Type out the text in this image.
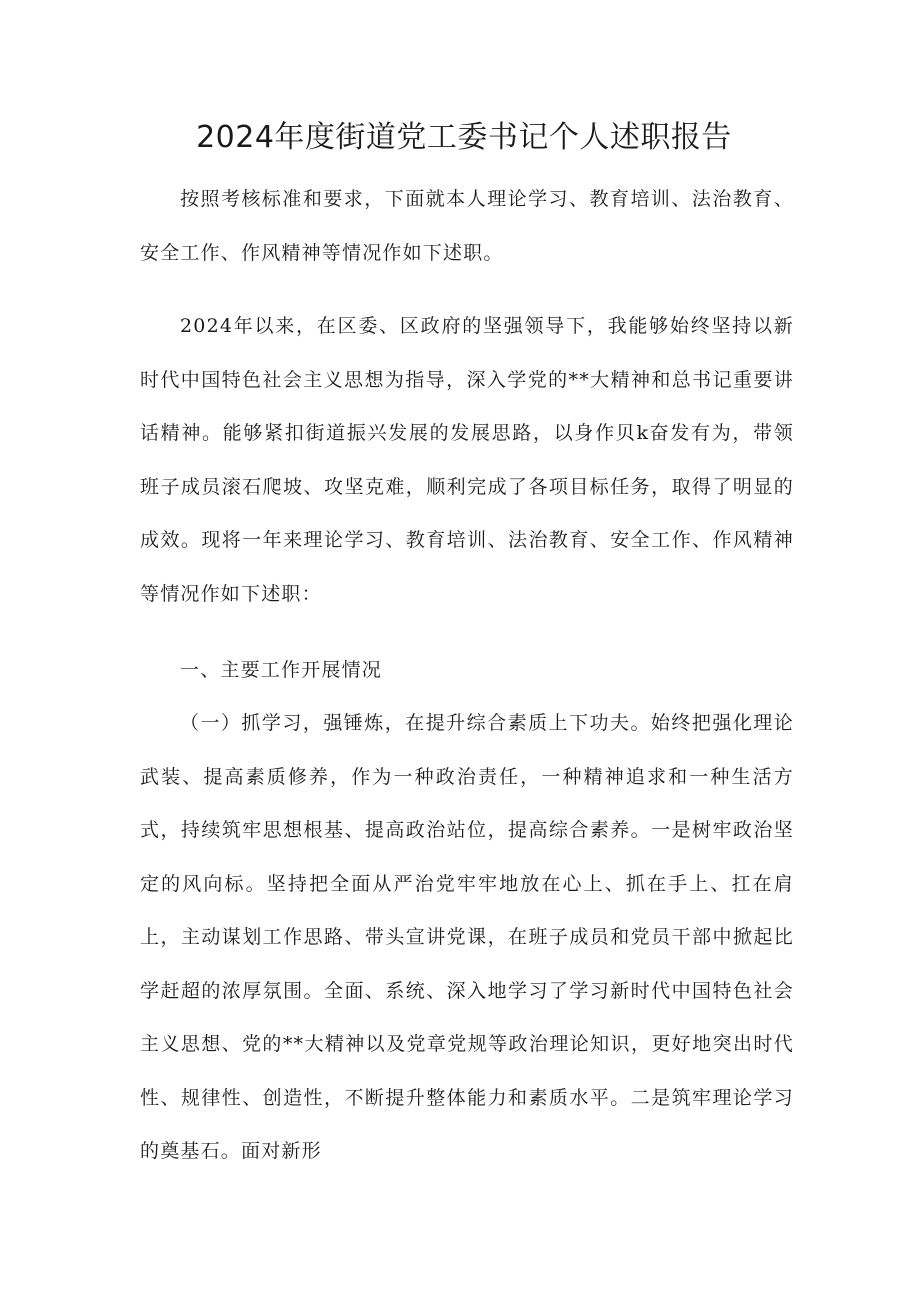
2024年度街道党工委书记个人述职报告

按照考核标准和要求，下面就本人理论学习、教育培训、法治教育、安全工作、作风精神等情况作如下述职。

2024年以来，在区委、区政府的坚强领导下，我能够始终坚持以新时代中国特色社会主义思想为指导，深入学党的**大精神和总书记重要讲话精神。能够紧扣街道振兴发展的发展思路，以身作贝k奋发有为，带领班子成员滚石爬坡、攻坚克难，顺利完成了各项目标任务，取得了明显的成效。现将一年来理论学习、教育培训、法治教育、安全工作、作风精神等情况作如下述职：

一、主要工作开展情况

（一）抓学习，强锤炼，在提升综合素质上下功夫。始终把强化理论武装、提高素质修养，作为一种政治责任，一种精神追求和一种生活方式，持续筑牢思想根基、提高政治站位，提高综合素养。一是树牢政治坚定的风向标。坚持把全面从严治党牢牢地放在心上、抓在手上、扛在肩上，主动谋划工作思路、带头宣讲党课，在班子成员和党员干部中掀起比学赶超的浓厚氛围。全面、系统、深入地学习了学习新时代中国特色社会主义思想、党的**大精神以及党章党规等政治理论知识，更好地突出时代性、规律性、创造性，不断提升整体能力和素质水平。二是筑牢理论学习的奠基石。面对新形
